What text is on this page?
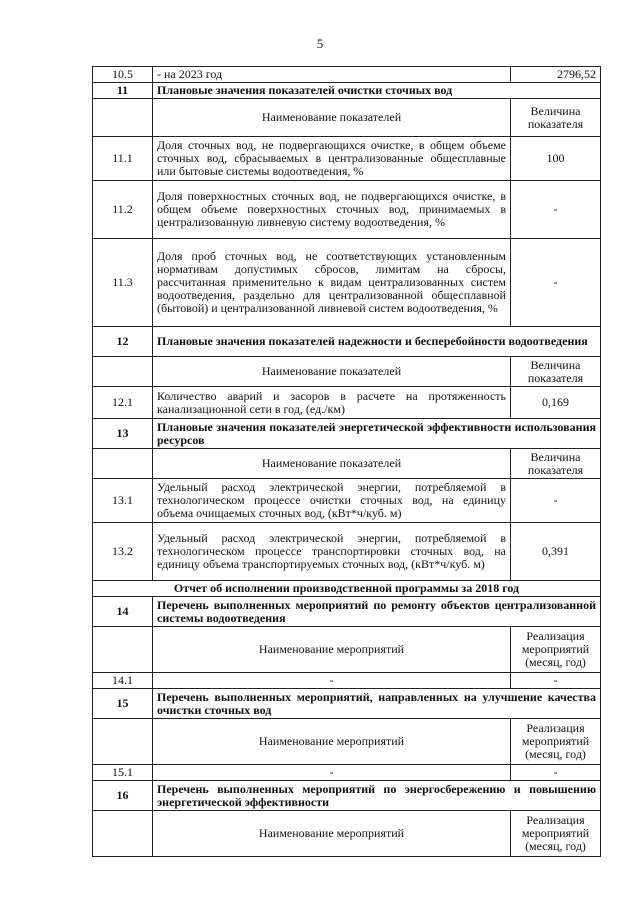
5
10.5	- на 2023 год	2796,52
11	Плановые значения показателей очистки сточных вод	
	Наименование показателей	Величина показателя
11.1	Доля сточных вод, не подвергающихся очистке, в общем объеме сточных вод, сбрасываемых в централизованные общесплавные или бытовые системы водоотведения, %	100
11.2	Доля поверхностных сточных вод, не подвергающихся очистке, в общем объеме поверхностных сточных вод, принимаемых в централизованную ливневую систему водоотведения, %	-
11.3	Доля проб сточных вод, не соответствующих установленным нормативам допустимых сбросов, лимитам на сбросы, рассчитанная применительно к видам централизованных систем водоотведения, раздельно для централизованной общесплавной (бытовой) и централизованной ливневой систем водоотведения, %	-
12	Плановые значения показателей надежности и бесперебойности водоотведения	
	Наименование показателей	Величина показателя
12.1	Количество аварий и засоров в расчете на протяженность канализационной сети в год, (ед./км)	0,169
13	Плановые значения показателей энергетической эффективности использования ресурсов	
	Наименование показателей	Величина показателя
13.1	Удельный расход электрической энергии, потребляемой в технологическом процессе очистки сточных вод, на единицу объема очищаемых сточных вод, (кВт*ч/куб. м)	-
13.2	Удельный расход электрической энергии, потребляемой в технологическом процессе транспортировки сточных вод, на единицу объема транспортируемых сточных вод, (кВт*ч/куб. м)	0,391
Отчет об исполнении производственной программы за 2018 год		
14	Перечень выполненных мероприятий по ремонту объектов централизованной системы водоотведения	
	Наименование мероприятий	Реализация мероприятий (месяц, год)
14.1	-	-
15	Перечень выполненных мероприятий, направленных на улучшение качества очистки сточных вод	
	Наименование мероприятий	Реализация мероприятий (месяц, год)
15.1	-	-
16	Перечень выполненных мероприятий по энергосбережению и повышению энергетической эффективности	
	Наименование мероприятий	Реализация мероприятий (месяц, год)
